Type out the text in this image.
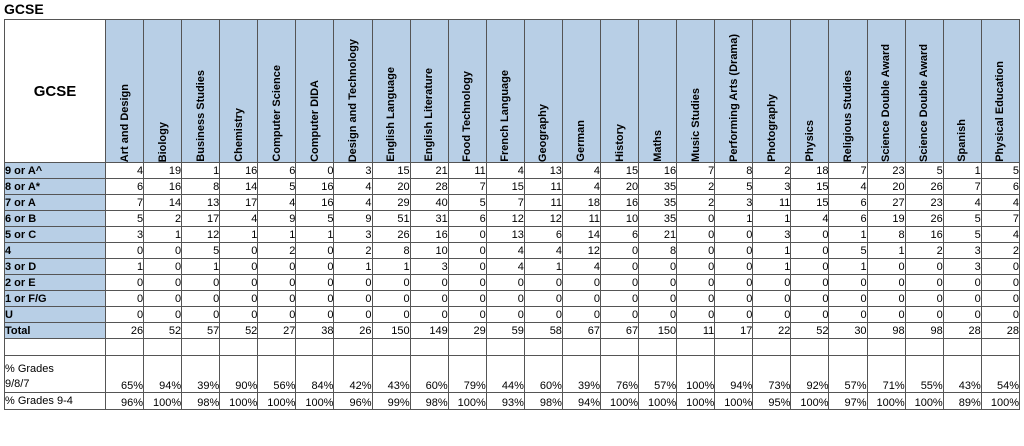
GCSE
GCSE	Art and Design	Biology	Business Studies	Chemistry	Computer Science	Computer DIDA	Design and Technology	English Language	English Literature	Food Technology	French Language	Geography	German	History	Maths	Music Studies	Performing Arts (Drama)	Photography	Physics	Religious Studies	Science Double Award	Science Double Award	Spanish	Physical Education

9 or A^	4	19	1	16	6	0	3	15	21	11	4	13	4	15	16	7	8	2	18	7	23	5	1	5
8 or A*	6	16	8	14	5	16	4	20	28	7	15	11	4	20	35	2	5	3	15	4	20	26	7	6
7 or A	7	14	13	17	4	16	4	29	40	5	7	11	18	16	35	2	3	11	15	6	27	23	4	4
6 or B	5	2	17	4	9	5	9	51	31	6	12	12	11	10	35	0	1	1	4	6	19	26	5	7
5 or C	3	1	12	1	1	1	3	26	16	0	13	6	14	6	21	0	0	3	0	1	8	16	5	4
4	0	0	5	0	2	0	2	8	10	0	4	4	12	0	8	0	0	1	0	5	1	2	3	2
3 or D	1	0	1	0	0	0	1	1	3	0	4	1	4	0	0	0	0	1	0	1	0	0	3	0
2 or E	0	0	0	0	0	0	0	0	0	0	0	0	0	0	0	0	0	0	0	0	0	0	0	0
1 or F/G	0	0	0	0	0	0	0	0	0	0	0	0	0	0	0	0	0	0	0	0	0	0	0	0
U	0	0	0	0	0	0	0	0	0	0	0	0	0	0	0	0	0	0	0	0	0	0	0	0
Total	26	52	57	52	27	38	26	150	149	29	59	58	67	67	150	11	17	22	52	30	98	98	28	28

% Grades
9/8/7	65%	94%	39%	90%	56%	84%	42%	43%	60%	79%	44%	60%	39%	76%	57%	100%	94%	73%	92%	57%	71%	55%	43%	54%
% Grades 9-4	96%	100%	98%	100%	100%	100%	96%	99%	98%	100%	93%	98%	94%	100%	100%	100%	100%	95%	100%	97%	100%	100%	89%	100%
